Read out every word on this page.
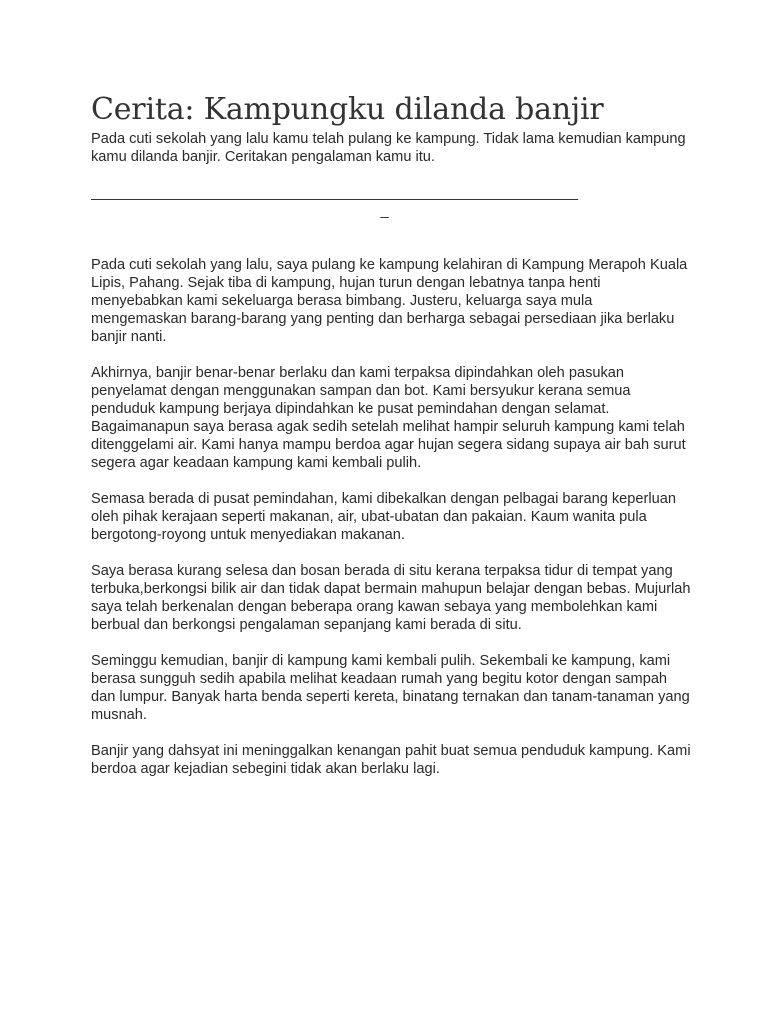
Cerita: Kampungku dilanda banjir

Pada cuti sekolah yang lalu kamu telah pulang ke kampung. Tidak lama kemudian kampung kamu dilanda banjir. Ceritakan pengalaman kamu itu.

____________________________________________________________

_

Pada cuti sekolah yang lalu, saya pulang ke kampung kelahiran di Kampung Merapoh Kuala Lipis, Pahang. Sejak tiba di kampung, hujan turun dengan lebatnya tanpa henti menyebabkan kami sekeluarga berasa bimbang. Justeru, keluarga saya mula mengemaskan barang-barang yang penting dan berharga sebagai persediaan jika berlaku banjir nanti.

Akhirnya, banjir benar-benar berlaku dan kami terpaksa dipindahkan oleh pasukan penyelamat dengan menggunakan sampan dan bot. Kami bersyukur kerana semua penduduk kampung berjaya dipindahkan ke pusat pemindahan dengan selamat. Bagaimanapun saya berasa agak sedih setelah melihat hampir seluruh kampung kami telah ditenggelami air. Kami hanya mampu berdoa agar hujan segera sidang supaya air bah surut segera agar keadaan kampung kami kembali pulih.

Semasa berada di pusat pemindahan, kami dibekalkan dengan pelbagai barang keperluan oleh pihak kerajaan seperti makanan, air, ubat-ubatan dan pakaian. Kaum wanita pula bergotong-royong untuk menyediakan makanan.

Saya berasa kurang selesa dan bosan berada di situ kerana terpaksa tidur di tempat yang terbuka,berkongsi bilik air dan tidak dapat bermain mahupun belajar dengan bebas. Mujurlah saya telah berkenalan dengan beberapa orang kawan sebaya yang membolehkan kami berbual dan berkongsi pengalaman sepanjang kami berada di situ.

Seminggu kemudian, banjir di kampung kami kembali pulih. Sekembali ke kampung, kami berasa sungguh sedih apabila melihat keadaan rumah yang begitu kotor dengan sampah dan lumpur. Banyak harta benda seperti kereta, binatang ternakan dan tanam-tanaman yang musnah.

Banjir yang dahsyat ini meninggalkan kenangan pahit buat semua penduduk kampung. Kami berdoa agar kejadian sebegini tidak akan berlaku lagi.
